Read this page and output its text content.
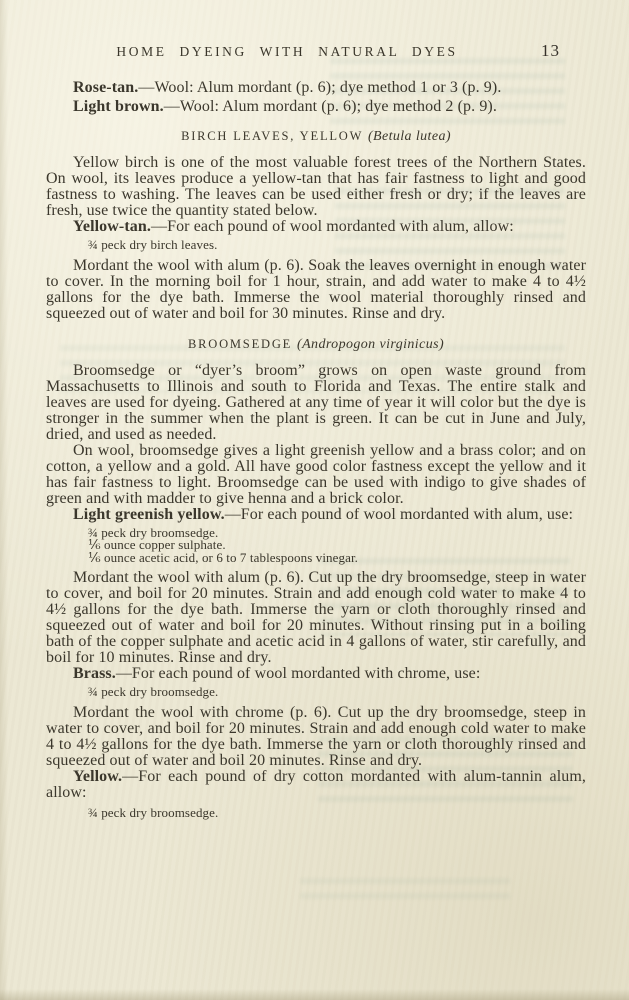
HOME DYEING WITH NATURAL DYES	13

Rose-tan.—Wool: Alum mordant (p. 6); dye method 1 or 3 (p. 9).

Light brown.—Wool: Alum mordant (p. 6); dye method 2 (p. 9).

BIRCH LEAVES, YELLOW (Betula lutea)

Yellow birch is one of the most valuable forest trees of the Northern States. On wool, its leaves produce a yellow-tan that has fair fastness to light and good fastness to washing. The leaves can be used either fresh or dry; if the leaves are fresh, use twice the quantity stated below.

Yellow-tan.—For each pound of wool mordanted with alum, allow:

¾ peck dry birch leaves.

Mordant the wool with alum (p. 6). Soak the leaves overnight in enough water to cover. In the morning boil for 1 hour, strain, and add water to make 4 to 4½ gallons for the dye bath. Immerse the wool material thoroughly rinsed and squeezed out of water and boil for 30 minutes. Rinse and dry.

BROOMSEDGE (Andropogon virginicus)

Broomsedge or “dyer’s broom” grows on open waste ground from Massachusetts to Illinois and south to Florida and Texas. The entire stalk and leaves are used for dyeing. Gathered at any time of year it will color but the dye is stronger in the summer when the plant is green. It can be cut in June and July, dried, and used as needed.

On wool, broomsedge gives a light greenish yellow and a brass color; and on cotton, a yellow and a gold. All have good color fastness except the yellow and it has fair fastness to light. Broomsedge can be used with indigo to give shades of green and with madder to give henna and a brick color.

Light greenish yellow.—For each pound of wool mordanted with alum, use:

¾ peck dry broomsedge.
⅙ ounce copper sulphate.
⅙ ounce acetic acid, or 6 to 7 tablespoons vinegar.

Mordant the wool with alum (p. 6). Cut up the dry broomsedge, steep in water to cover, and boil for 20 minutes. Strain and add enough cold water to make 4 to 4½ gallons for the dye bath. Immerse the yarn or cloth thoroughly rinsed and squeezed out of water and boil for 20 minutes. Without rinsing put in a boiling bath of the copper sulphate and acetic acid in 4 gallons of water, stir carefully, and boil for 10 minutes. Rinse and dry.

Brass.—For each pound of wool mordanted with chrome, use:

¾ peck dry broomsedge.

Mordant the wool with chrome (p. 6). Cut up the dry broomsedge, steep in water to cover, and boil for 20 minutes. Strain and add enough cold water to make 4 to 4½ gallons for the dye bath. Immerse the yarn or cloth thoroughly rinsed and squeezed out of water and boil 20 minutes. Rinse and dry.

Yellow.—For each pound of dry cotton mordanted with alum-tannin alum, allow:

¾ peck dry broomsedge.
